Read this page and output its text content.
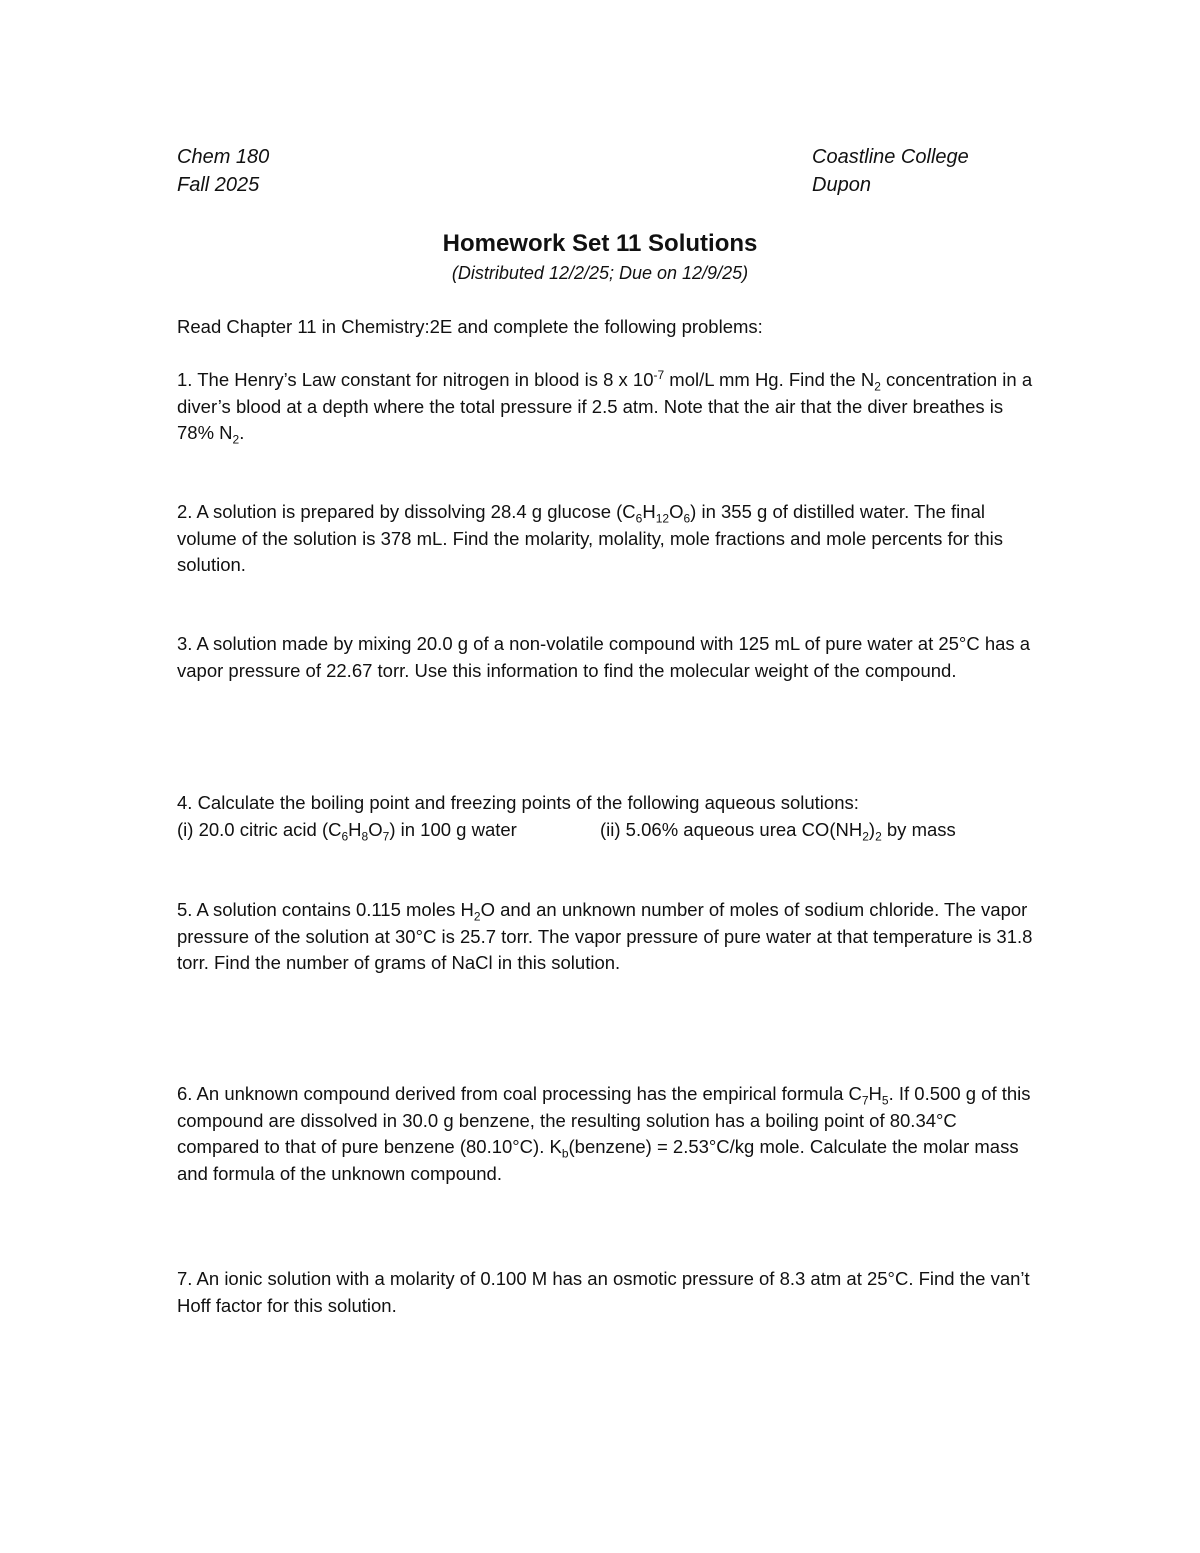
Chem 180
Fall 2025
Coastline College
Dupon
Homework Set 11 Solutions
(Distributed 12/2/25; Due on 12/9/25)
Read Chapter 11 in Chemistry:2E and complete the following problems:
1. The Henry’s Law constant for nitrogen in blood is 8 x $10^{-7}$ mol/L mm Hg. Find the $N_2$ concentration in a diver’s blood at a depth where the total pressure if 2.5 atm. Note that the air that the diver breathes is 78% $N_2$.
2. A solution is prepared by dissolving 28.4 g glucose $(C_6H_{12}O_6)$ in 355 g of distilled water. The final volume of the solution is 378 mL. Find the molarity, molality, mole fractions and mole percents for this solution.
3. A solution made by mixing 20.0 g of a non-volatile compound with 125 mL of pure water at 25°C has a vapor pressure of 22.67 torr. Use this information to find the molecular weight of the compound.
4. Calculate the boiling point and freezing points of the following aqueous solutions:
(i) 20.0 citric acid $(C_6H_8O_7)$ in 100 g water	(ii) 5.06% aqueous urea $CO(NH_2)_2$ by mass
5. A solution contains 0.115 moles $H_2O$ and an unknown number of moles of sodium chloride. The vapor pressure of the solution at 30°C is 25.7 torr. The vapor pressure of pure water at that temperature is 31.8 torr. Find the number of grams of NaCl in this solution.
6. An unknown compound derived from coal processing has the empirical formula $C_7H_5$. If 0.500 g of this compound are dissolved in 30.0 g benzene, the resulting solution has a boiling point of 80.34°C compared to that of pure benzene (80.10°C). $K_b(benzene) = 2.53^\circ C/kg$ mole. Calculate the molar mass and formula of the unknown compound.
7. An ionic solution with a molarity of 0.100 M has an osmotic pressure of 8.3 atm at 25°C. Find the van’t Hoff factor for this solution.
